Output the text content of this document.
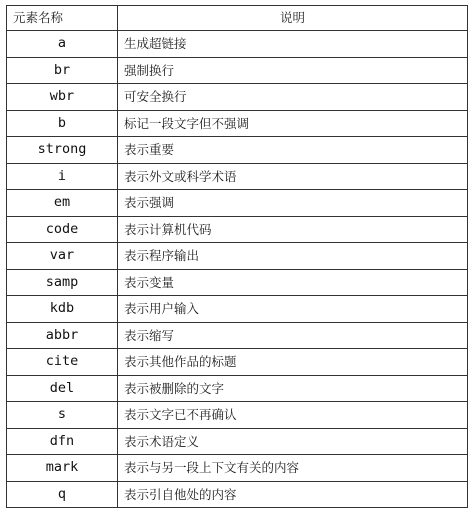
元素名称	说明
a	生成超链接
br	强制换行
wbr	可安全换行
b	标记一段文字但不强调
strong	表示重要
i	表示外文或科学术语
em	表示强调
code	表示计算机代码
var	表示程序输出
samp	表示变量
kdb	表示用户输入
abbr	表示缩写
cite	表示其他作品的标题
del	表示被删除的文字
s	表示文字已不再确认
dfn	表示术语定义
mark	表示与另一段上下文有关的内容
q	表示引自他处的内容
